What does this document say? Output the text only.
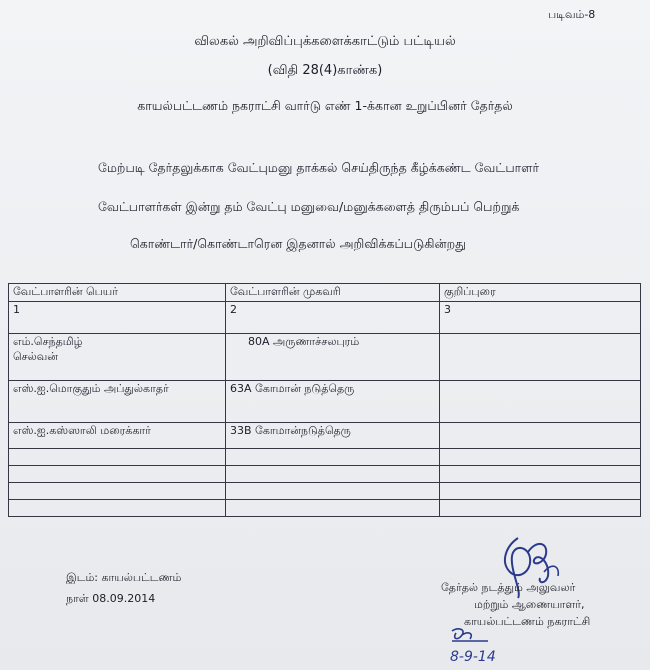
படிவம்-8
விலகல் அறிவிப்புக்களைக்காட்டும் பட்டியல்
(விதி 28(4)காண்க)
காயல்பட்டணம் நகராட்சி வார்டு எண் 1-க்கான உறுப்பினர் தேர்தல்
மேற்படி தேர்தலுக்காக வேட்புமனு தாக்கல் செய்திருந்த கீழ்க்கண்ட வேட்பாளர்
வேட்பாளர்கள் இன்று தம் வேட்பு மனுவை/மனுக்களைத் திரும்பப் பெற்றுக்
கொண்டார்/கொண்டாரென இதனால் அறிவிக்கப்படுகின்றது
வேட்பாளரின் பெயர்	வேட்பாளரின் முகவரி	குறிப்புரை
1	2	3

எம்.செந்தமிழ்
செல்வன்	80A அருணாச்சலபுரம்	
எஸ்.ஐ.மொகுதும் அப்துல்காதர்	63A கோமான் நடுத்தெரு	
எஸ்.ஐ.கஸ்ஸாலி மரைக்கார்	33B கோமான்நடுத்தெரு	

இடம்: காயல்பட்டணம்
நாள் 08.09.2014
தேர்தல் நடத்தும் அலுவலர்
மற்றும் ஆணையாளர்,
காயல்பட்டணம் நகராட்சி
8-9-14
